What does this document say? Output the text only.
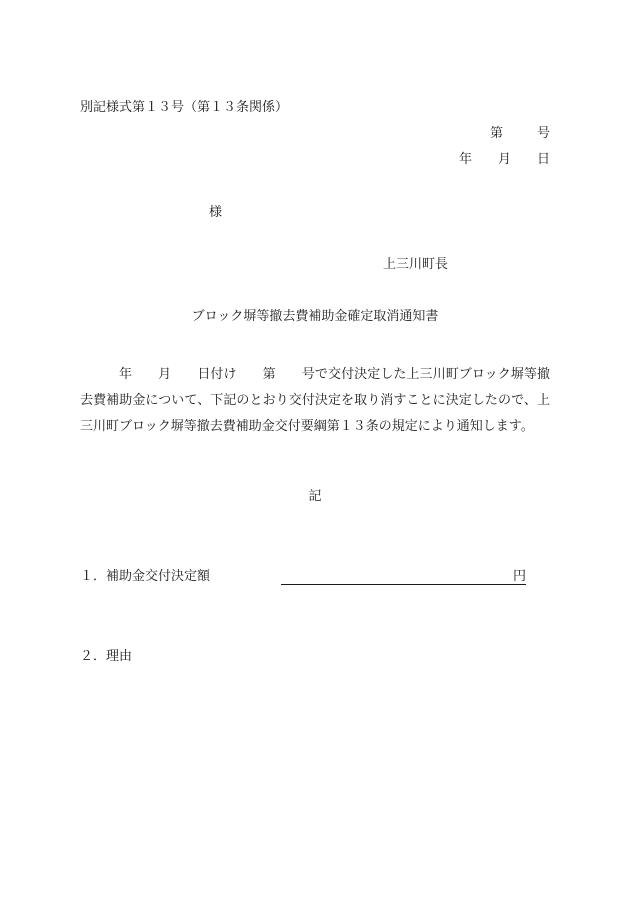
別記様式第１３号（第１３条関係）
第	号
年 月 日
様
上三川町長
ブロック塀等撤去費補助金確定取消通知書
年 月 日付け 第 号で交付決定した上三川町ブロック塀等撤去費補助金について、下記のとおり交付決定を取り消すことに決定したので、上三川町ブロック塀等撤去費補助金交付要綱第１３条の規定により通知します。
記
１．補助金交付決定額	円
２．理由
